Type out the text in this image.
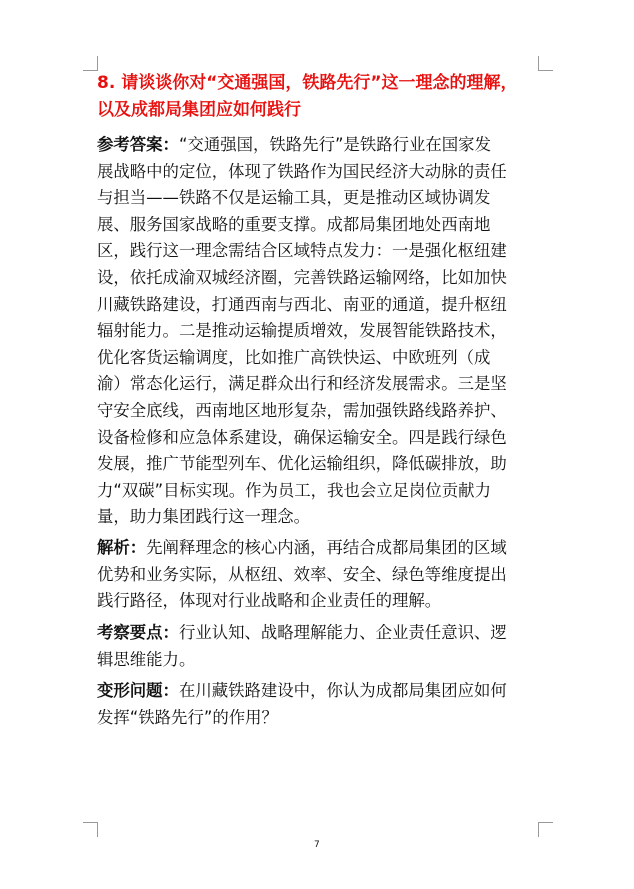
8. 请谈谈你对“交通强国，铁路先行”这一理念的理解，
以及成都局集团应如何践行
参考答案：“交通强国，铁路先行”是铁路行业在国家发
展战略中的定位，体现了铁路作为国民经济大动脉的责任
与担当——铁路不仅是运输工具，更是推动区域协调发
展、服务国家战略的重要支撑。成都局集团地处西南地
区，践行这一理念需结合区域特点发力：一是强化枢纽建
设，依托成渝双城经济圈，完善铁路运输网络，比如加快
川藏铁路建设，打通西南与西北、南亚的通道，提升枢纽
辐射能力。二是推动运输提质增效，发展智能铁路技术，
优化客货运输调度，比如推广高铁快运、中欧班列（成
渝）常态化运行，满足群众出行和经济发展需求。三是坚
守安全底线，西南地区地形复杂，需加强铁路线路养护、
设备检修和应急体系建设，确保运输安全。四是践行绿色
发展，推广节能型列车、优化运输组织，降低碳排放，助
力“双碳”目标实现。作为员工，我也会立足岗位贡献力
量，助力集团践行这一理念。
解析：先阐释理念的核心内涵，再结合成都局集团的区域
优势和业务实际，从枢纽、效率、安全、绿色等维度提出
践行路径，体现对行业战略和企业责任的理解。
考察要点：行业认知、战略理解能力、企业责任意识、逻
辑思维能力。
变形问题：在川藏铁路建设中，你认为成都局集团应如何
发挥“铁路先行”的作用？
7
